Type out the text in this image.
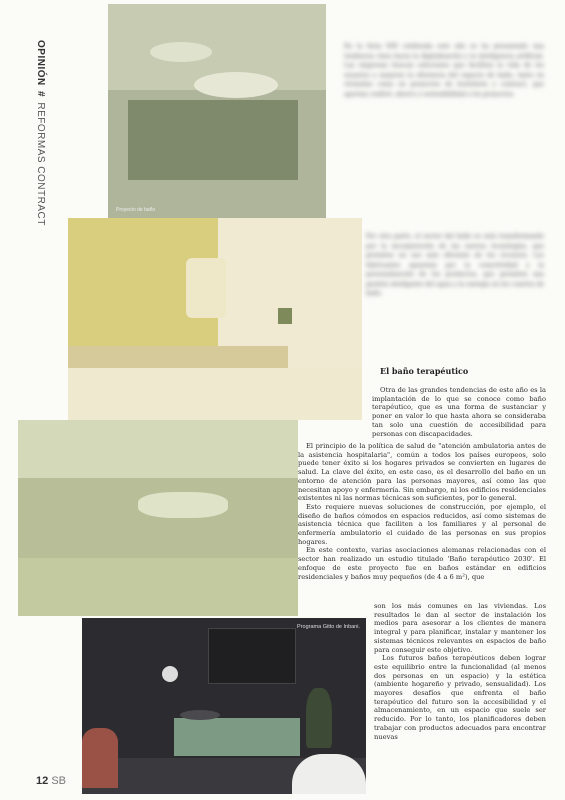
OPINIÓN # REFORMAS CONTRACT	Proyecto de baño
Programa Gitto de Inbani.
En la feria ISH celebrada este año se ha presentado una tendencia clara hacia la digitalización y la inteligencia artificial. Las empresas buscan soluciones que faciliten la vida de los usuarios y mejoren la eficiencia del espacio de baño, tanto en viviendas como en proyectos de hostelería y contract, que aportan confort, ahorro y sostenibilidad a los proyectos.
Por otra parte, el sector del baño se está transformando por la incorporación de las nuevas tecnologías, que permiten un uso más eficiente de los recursos. Los fabricantes apuestan por la conectividad y la personalización de los productos, que permiten una gestión inteligente del agua y la energía en los cuartos de baño.
El baño terapéutico

Otra de las grandes tendencias de este año es la implantación de lo que se conoce como baño terapéutico, que es una forma de sustanciar y poner en valor lo que hasta ahora se consideraba tan solo una cuestión de accesibilidad para personas con discapacidades.

El principio de la política de salud de "atención ambulatoria antes de la asistencia hospitalaria", común a todos los países europeos, solo puede tener éxito si los hogares privados se convierten en lugares de salud. La clave del éxito, en este caso, es el desarrollo del baño en un entorno de atención para las personas mayores, así como las que necesitan apoyo y enfermería. Sin embargo, ni los edificios residenciales existentes ni las normas técnicas son suficientes, por lo general.

Esto requiere nuevas soluciones de construcción, por ejemplo, el diseño de baños cómodos en espacios reducidos, así como sistemas de asistencia técnica que faciliten a los familiares y al personal de enfermería ambulatorio el cuidado de las personas en sus propios hogares.

En este contexto, varias asociaciones alemanas relacionadas con el sector han realizado un estudio titulado 'Baño terapéutico 2030'. El enfoque de este proyecto fue en baños estándar en edificios residenciales y baños muy pequeños (de 4 a 6 m²), que

son los más comunes en las viviendas. Los resultados le dan al sector de instalación los medios para asesorar a los clientes de manera integral y para planificar, instalar y mantener los sistemas técnicos relevantes en espacios de baño para conseguir este objetivo.

Los futuros baños terapéuticos deben lograr este equilibrio entre la funcionalidad (al menos dos personas en un espacio) y la estética (ambiente hogareño y privado, sensualidad). Los mayores desafíos que enfrenta el baño terapéutico del futuro son la accesibilidad y el almacenamiento, en un espacio que suele ser reducido. Por lo tanto, los planificadores deben trabajar con productos adecuados para encontrar nuevas

12 SB
